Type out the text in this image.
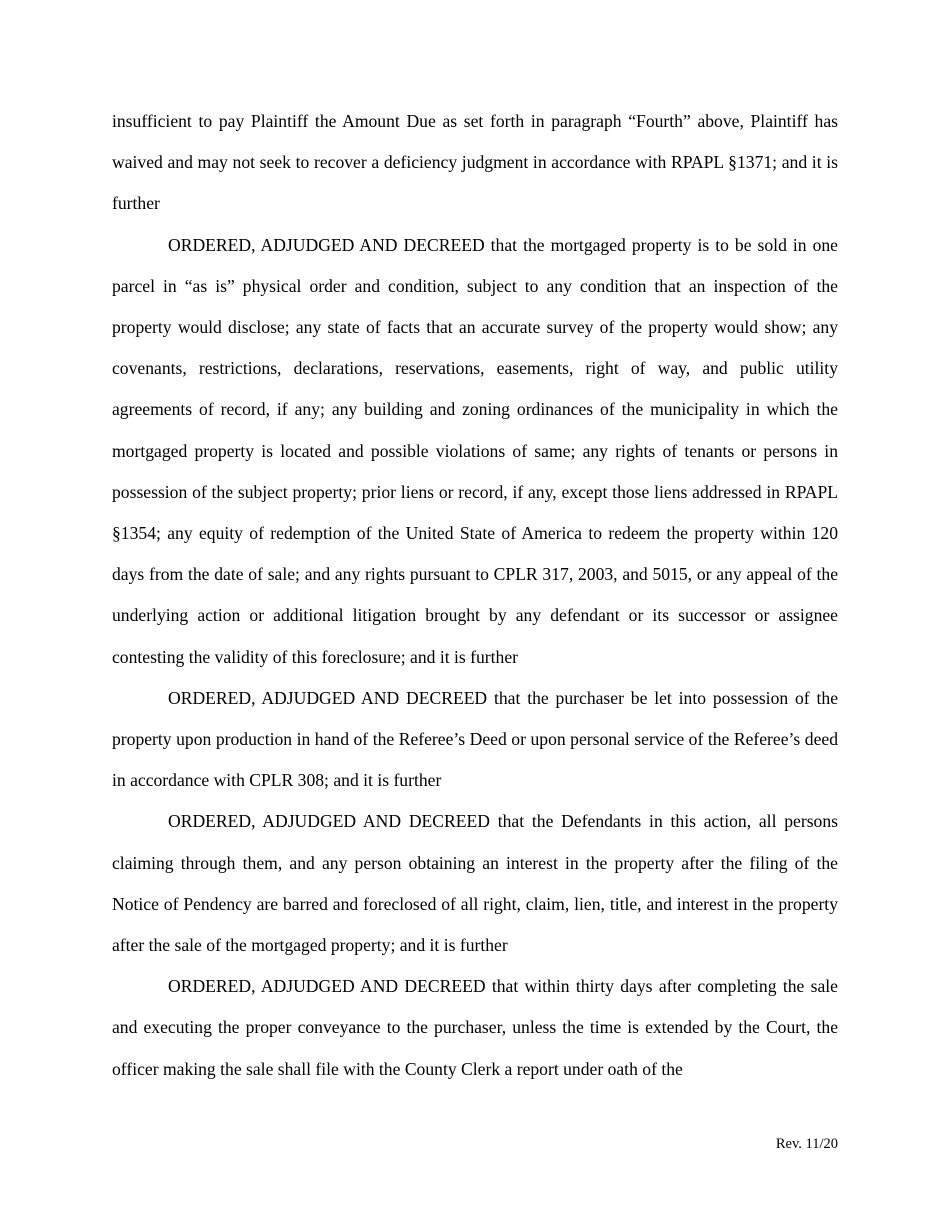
insufficient to pay Plaintiff the Amount Due as set forth in paragraph “Fourth” above, Plaintiff has waived and may not seek to recover a deficiency judgment in accordance with RPAPL §1371; and it is further

ORDERED, ADJUDGED AND DECREED that the mortgaged property is to be sold in one parcel in “as is” physical order and condition, subject to any condition that an inspection of the property would disclose; any state of facts that an accurate survey of the property would show; any covenants, restrictions, declarations, reservations, easements, right of way, and public utility agreements of record, if any; any building and zoning ordinances of the municipality in which the mortgaged property is located and possible violations of same; any rights of tenants or persons in possession of the subject property; prior liens or record, if any, except those liens addressed in RPAPL §1354; any equity of redemption of the United State of America to redeem the property within 120 days from the date of sale; and any rights pursuant to CPLR 317, 2003, and 5015, or any appeal of the underlying action or additional litigation brought by any defendant or its successor or assignee contesting the validity of this foreclosure; and it is further

ORDERED, ADJUDGED AND DECREED that the purchaser be let into possession of the property upon production in hand of the Referee’s Deed or upon personal service of the Referee’s deed in accordance with CPLR 308; and it is further

ORDERED, ADJUDGED AND DECREED that the Defendants in this action, all persons claiming through them, and any person obtaining an interest in the property after the filing of the Notice of Pendency are barred and foreclosed of all right, claim, lien, title, and interest in the property after the sale of the mortgaged property; and it is further

ORDERED, ADJUDGED AND DECREED that within thirty days after completing the sale and executing the proper conveyance to the purchaser, unless the time is extended by the Court, the officer making the sale shall file with the County Clerk a report under oath of the

Rev. 11/20
